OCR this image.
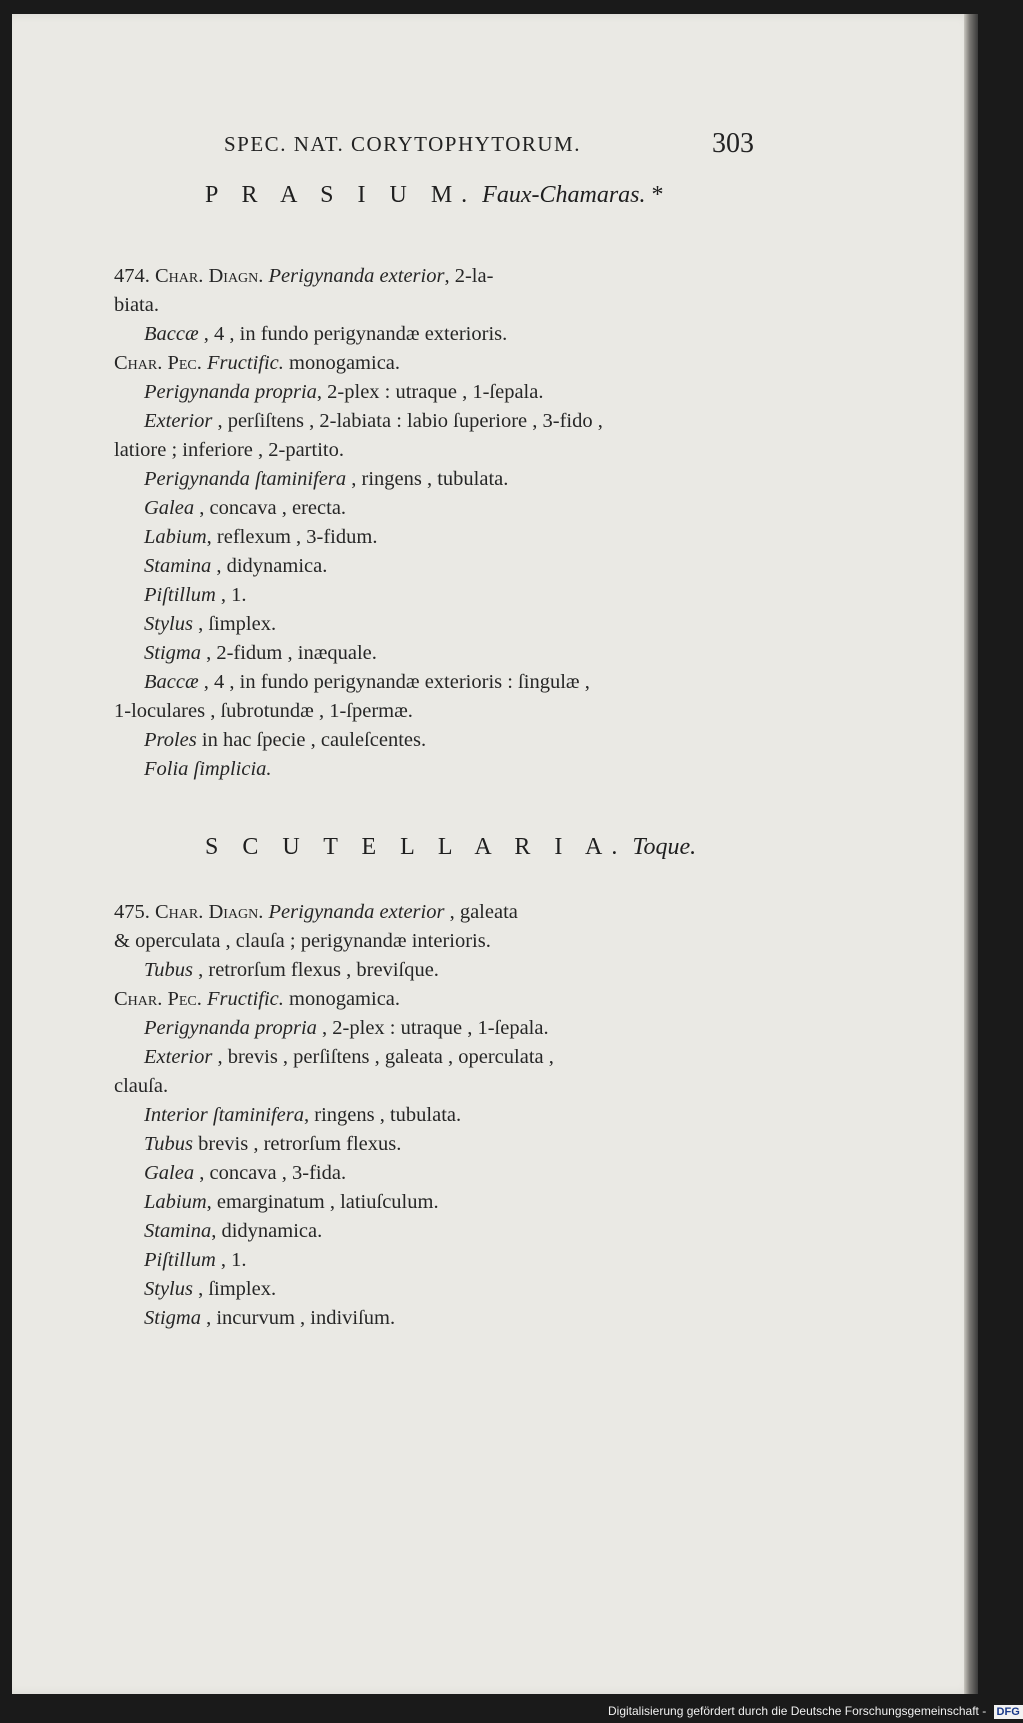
SPEC. NAT. CORYTOPHYTORUM.	303
P R A S I U M. Faux-Chamaras. *
474. Char. Diagn. Perigynanda exterior, 2-la-
biata.
Baccæ , 4 , in fundo perigynandæ exterioris.
Char. Pec. Fructific. monogamica.
Perigynanda propria, 2-plex : utraque , 1-ſepala.
Exterior , perſiſtens , 2-labiata : labio ſuperiore , 3-fido ,
latiore ; inferiore , 2-partito.
Perigynanda ſtaminifera , ringens , tubulata.
Galea , concava , erecta.
Labium, reflexum , 3-fidum.
Stamina , didynamica.
Piſtillum , 1.
Stylus , ſimplex.
Stigma , 2-fidum , inæquale.
Baccæ , 4 , in fundo perigynandæ exterioris : ſingulæ ,
1-loculares , ſubrotundæ , 1-ſpermæ.
Proles in hac ſpecie , cauleſcentes.
Folia ſimplicia.
S C U T E L L A R I A. Toque.
475. Char. Diagn. Perigynanda exterior , galeata
& operculata , clauſa ; perigynandæ interioris.
Tubus , retrorſum flexus , breviſque.
Char. Pec. Fructific. monogamica.
Perigynanda propria , 2-plex : utraque , 1-ſepala.
Exterior , brevis , perſiſtens , galeata , operculata ,
clauſa.
Interior ſtaminifera, ringens , tubulata.
Tubus brevis , retrorſum flexus.
Galea , concava , 3-fida.
Labium, emarginatum , latiuſculum.
Stamina, didynamica.
Piſtillum , 1.
Stylus , ſimplex.
Stigma , incurvum , indiviſum.
Digitalisierung gefördert durch die Deutsche Forschungsgemeinschaft - DFG
